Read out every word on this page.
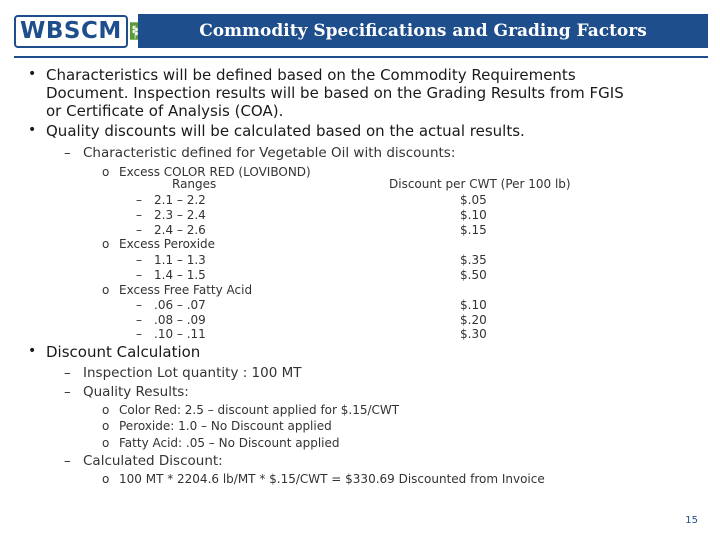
WBSCM	Commodity Specifications and Grading Factors
• Characteristics will be defined based on the Commodity Requirements
Document. Inspection results will be based on the Grading Results from FGIS
or Certificate of Analysis (COA).
• Quality discounts will be calculated based on the actual results.
– Characteristic defined for Vegetable Oil with discounts:
o Excess COLOR RED (LOVIBOND)
Ranges	Discount per CWT (Per 100 lb)
– 2.1 – 2.2	$.05
– 2.3 – 2.4	$.10
– 2.4 – 2.6	$.15
o Excess Peroxide
– 1.1 – 1.3	$.35
– 1.4 – 1.5	$.50
o Excess Free Fatty Acid
– .06 – .07	$.10
– .08 – .09	$.20
– .10 – .11	$.30
• Discount Calculation
– Inspection Lot quantity : 100 MT
– Quality Results:
o Color Red: 2.5 – discount applied for $.15/CWT
o Peroxide: 1.0 – No Discount applied
o Fatty Acid: .05 – No Discount applied
– Calculated Discount:
o 100 MT * 2204.6 lb/MT * $.15/CWT = $330.69 Discounted from Invoice
15
